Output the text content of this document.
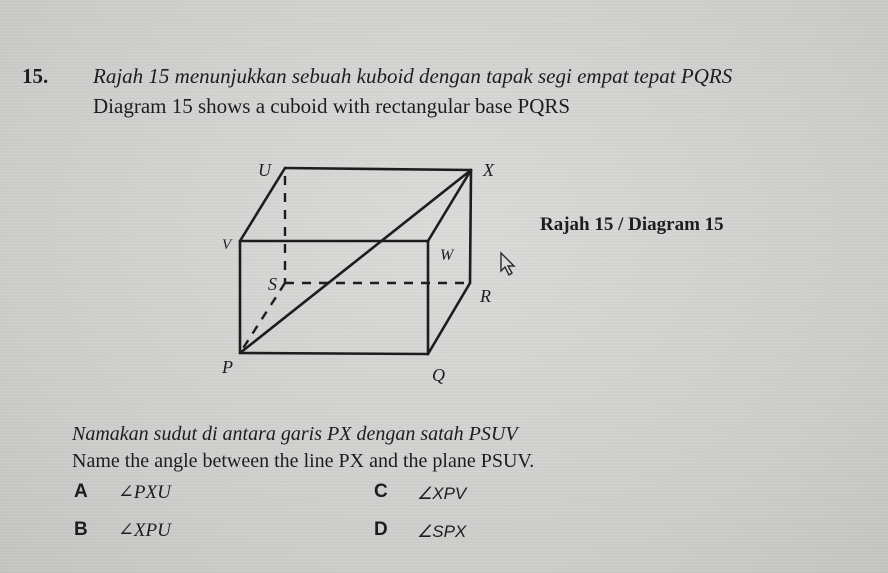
15. Rajah 15 menunjukkan sebuah kuboid dengan tapak segi empat tepat PQRS
Diagram 15 shows a cuboid with rectangular base PQRS
U	X
V
W
S
R
P	Q
Rajah 15 / Diagram 15
Namakan sudut di antara garis PX dengan satah PSUV
Name the angle between the line PX and the plane PSUV.
A ∠PXU	C ∠XPV
B ∠XPU	D ∠SPX
